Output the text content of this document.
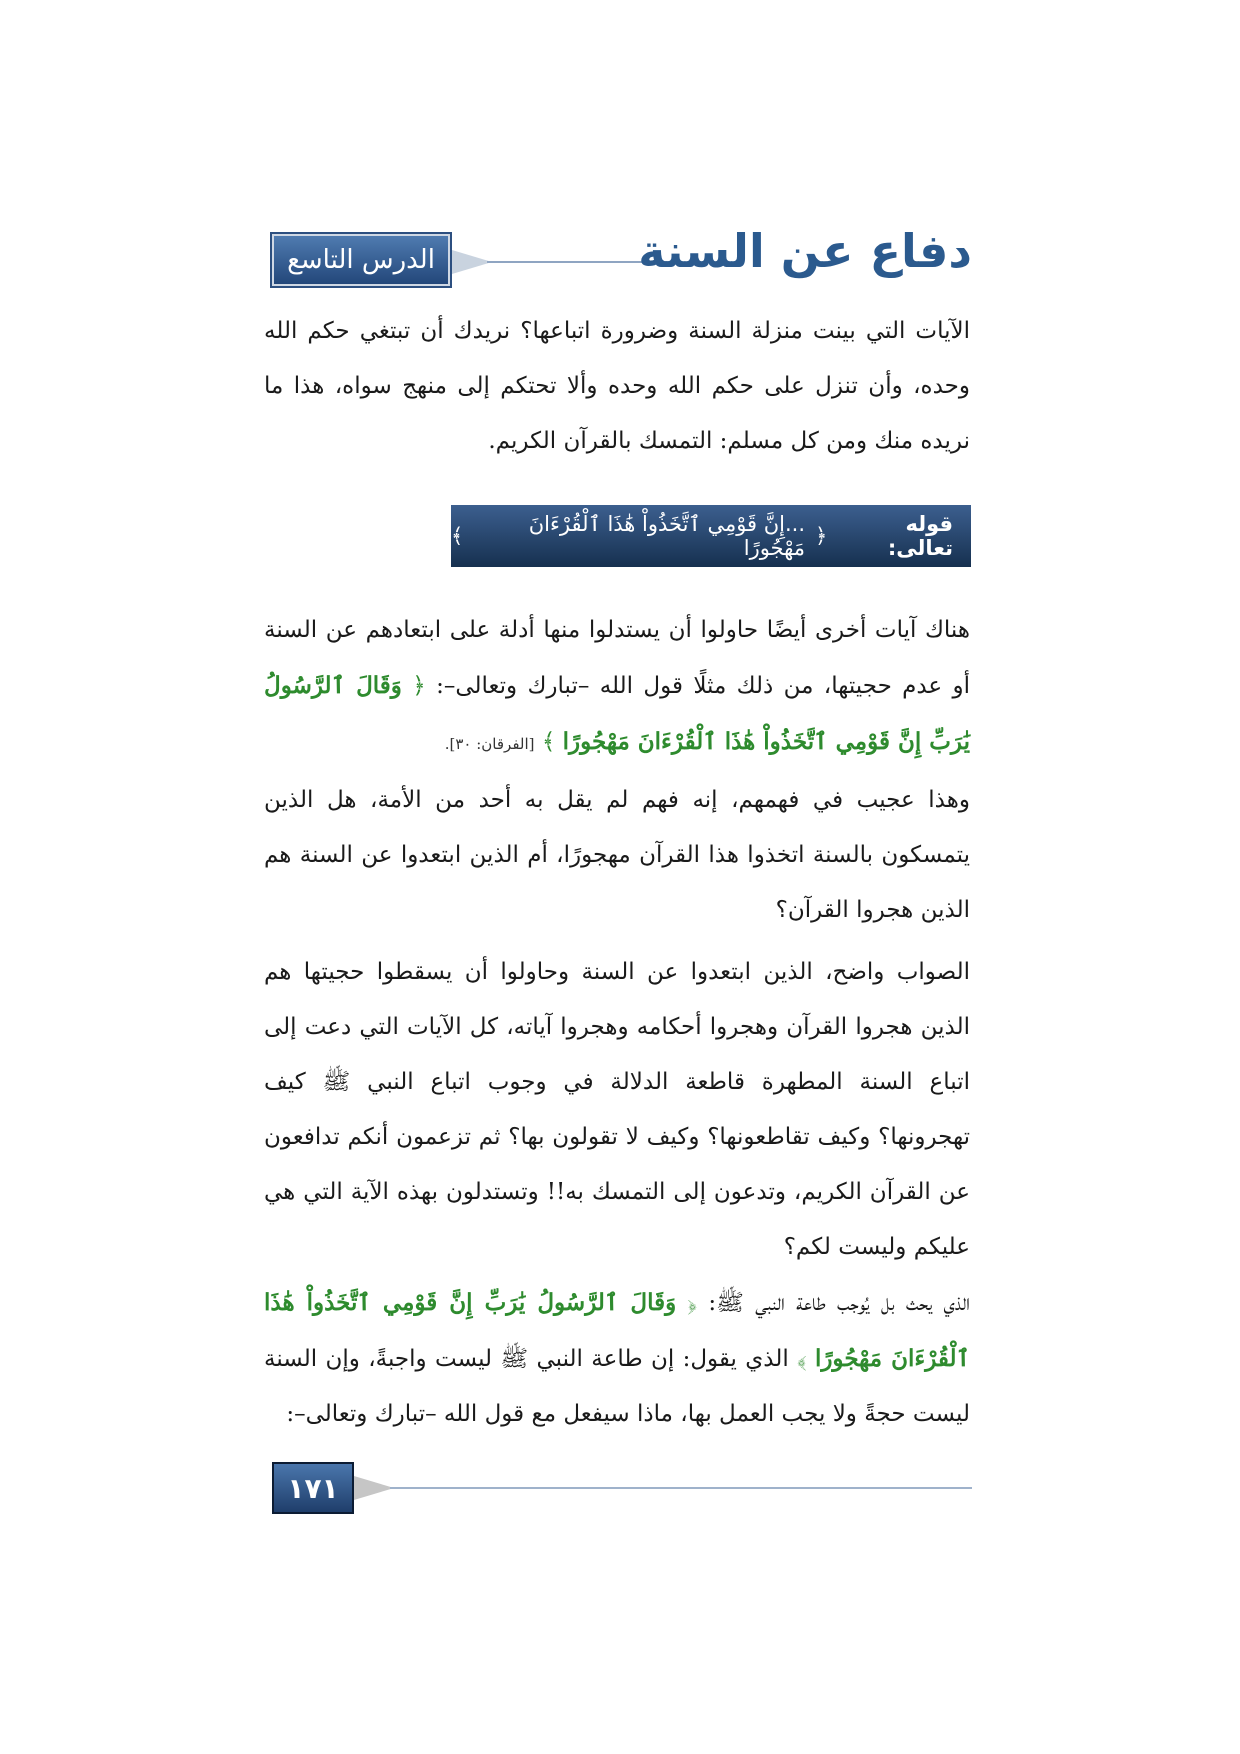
الدرس التاسع	دفاع عن السنة
الآيات التي بينت منزلة السنة وضرورة اتباعها؟ نريدك أن تبتغي حكم الله وحده، وأن تنزل على حكم الله وحده وألا تحتكم إلى منهج سواه، هذا ما نريده منك ومن كل مسلم: التمسك بالقرآن الكريم.
قوله تعالى:
﴿
...إِنَّ قَوْمِي ٱتَّخَذُواْ هَٰذَا ٱلْقُرْءَانَ مَهْجُورًا
﴾
هناك آيات أخرى أيضًا حاولوا أن يستدلوا منها أدلة على ابتعادهم عن السنة أو عدم حجيتها، من ذلك مثلًا قول الله –تبارك وتعالى–: ﴿ وَقَالَ ٱلرَّسُولُ يَٰرَبِّ إِنَّ قَوْمِي ٱتَّخَذُواْ هَٰذَا ٱلْقُرْءَانَ مَهْجُورًا ﴾ [الفرقان: ٣٠].
وهذا عجيب في فهمهم، إنه فهم لم يقل به أحد من الأمة، هل الذين يتمسكون بالسنة اتخذوا هذا القرآن مهجورًا، أم الذين ابتعدوا عن السنة هم الذين هجروا القرآن؟
الصواب واضح، الذين ابتعدوا عن السنة وحاولوا أن يسقطوا حجيتها هم الذين هجروا القرآن وهجروا أحكامه وهجروا آياته، كل الآيات التي دعت إلى اتباع السنة المطهرة قاطعة الدلالة في وجوب اتباع النبي ﷺ كيف تهجرونها؟ وكيف تقاطعونها؟ وكيف لا تقولون بها؟ ثم تزعمون أنكم تدافعون عن القرآن الكريم، وتدعون إلى التمسك به!! وتستدلون بهذه الآية التي هي عليكم وليست لكم؟
الذي يحث بل يُوجب طاعة النبي ﷺ: ﴿ وَقَالَ ٱلرَّسُولُ يَٰرَبِّ إِنَّ قَوْمِي ٱتَّخَذُواْ هَٰذَا ٱلْقُرْءَانَ مَهْجُورًا ﴾ الذي يقول: إن طاعة النبي ﷺ ليست واجبةً، وإن السنة ليست حجةً ولا يجب العمل بها، ماذا سيفعل مع قول الله –تبارك وتعالى–:
١٧١
